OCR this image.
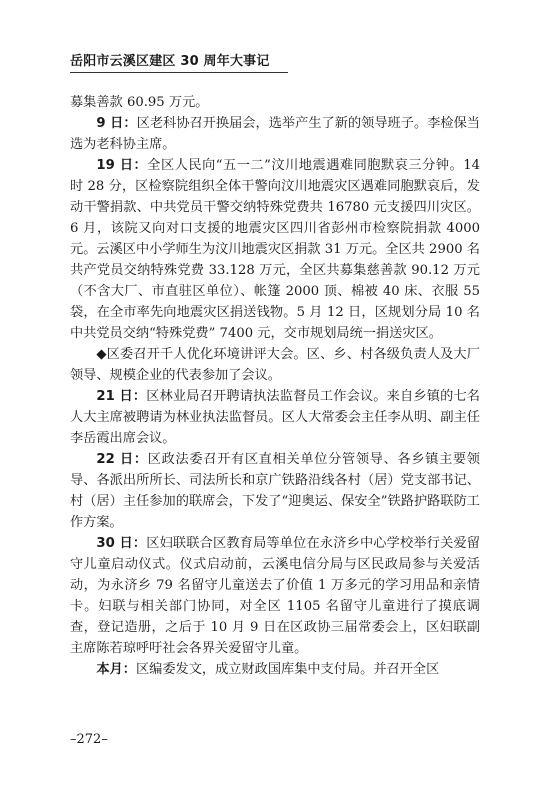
岳阳市云溪区建区 30 周年大事记

募集善款 60.95 万元。

9 日：区老科协召开换届会，选举产生了新的领导班子。李检保当选为老科协主席。

19 日：全区人民向“五一二”汶川地震遇难同胞默哀三分钟。14 时 28 分，区检察院组织全体干警向汶川地震灾区遇难同胞默哀后，发动干警捐款、中共党员干警交纳特殊党费共 16780 元支援四川灾区。6 月，该院又向对口支援的地震灾区四川省彭州市检察院捐款 4000 元。云溪区中小学师生为汶川地震灾区捐款 31 万元。全区共 2900 名共产党员交纳特殊党费 33.128 万元，全区共募集慈善款 90.12 万元（不含大厂、市直驻区单位）、帐篷 2000 顶、棉被 40 床、衣服 55 袋，在全市率先向地震灾区捐送钱物。5 月 12 日，区规划分局 10 名中共党员交纳“特殊党费” 7400 元，交市规划局统一捐送灾区。

◆区委召开千人优化环境讲评大会。区、乡、村各级负责人及大厂领导、规模企业的代表参加了会议。

21 日：区林业局召开聘请执法监督员工作会议。来自乡镇的七名人大主席被聘请为林业执法监督员。区人大常委会主任李从明、副主任李岳霞出席会议。

22 日：区政法委召开有区直相关单位分管领导、各乡镇主要领导、各派出所所长、司法所长和京广铁路沿线各村（居）党支部书记、村（居）主任参加的联席会，下发了“迎奥运、保安全”铁路护路联防工作方案。

30 日：区妇联联合区教育局等单位在永济乡中心学校举行关爱留守儿童启动仪式。仪式启动前，云溪电信分局与区民政局参与关爱活动，为永济乡 79 名留守儿童送去了价值 1 万多元的学习用品和亲情卡。妇联与相关部门协同，对全区 1105 名留守儿童进行了摸底调查，登记造册，之后于 10 月 9 日在区政协三届常委会上，区妇联副主席陈若琼呼吁社会各界关爱留守儿童。

本月：区编委发文，成立财政国库集中支付局。并召开全区

–272–
